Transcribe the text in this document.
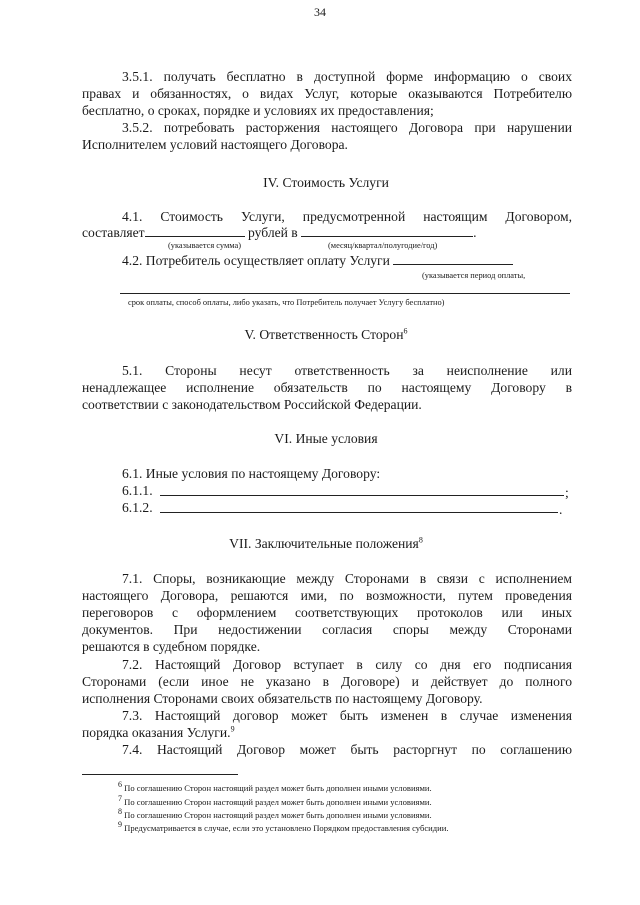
34
3.5.1. получать бесплатно в доступной форме информацию о своих
правах и обязанностях, о видах Услуг, которые оказываются Потребителю
бесплатно, о сроках, порядке и условиях их предоставления;
3.5.2. потребовать расторжения настоящего Договора при нарушении
Исполнителем условий настоящего Договора.
IV. Стоимость Услуги
4.1. Стоимость Услуги, предусмотренной настоящим Договором,
составляет	рублей в	.
(указывается сумма)	(месяц/квартал/полугодие/год)
4.2. Потребитель осуществляет оплату Услуги
(указывается период оплаты,
срок оплаты, способ оплаты, либо указать, что Потребитель получает Услугу бесплатно)
V. Ответственность Сторон$^6$
5.1. Стороны несут ответственность за неисполнение или
ненадлежащее исполнение обязательств по настоящему Договору в
соответствии с законодательством Российской Федерации.
VI. Иные условия
6.1. Иные условия по настоящему Договору:
6.1.1.	;
6.1.2.	.
VII. Заключительные положения$^8$
7.1. Споры, возникающие между Сторонами в связи с исполнением
настоящего Договора, решаются ими, по возможности, путем проведения
переговоров с оформлением соответствующих протоколов или иных
документов. При недостижении согласия споры между Сторонами
решаются в судебном порядке.
7.2. Настоящий Договор вступает в силу со дня его подписания
Сторонами (если иное не указано в Договоре) и действует до полного
исполнения Сторонами своих обязательств по настоящему Договору.
7.3. Настоящий договор может быть изменен в случае изменения
порядка оказания Услуги.$^9$
7.4. Настоящий Договор может быть расторгнут по соглашению
6 По соглашению Сторон настоящий раздел может быть дополнен иными условиями.
7 По соглашению Сторон настоящий раздел может быть дополнен иными условиями.
8 По соглашению Сторон настоящий раздел может быть дополнен иными условиями.
9 Предусматривается в случае, если это установлено Порядком предоставления субсидии.
